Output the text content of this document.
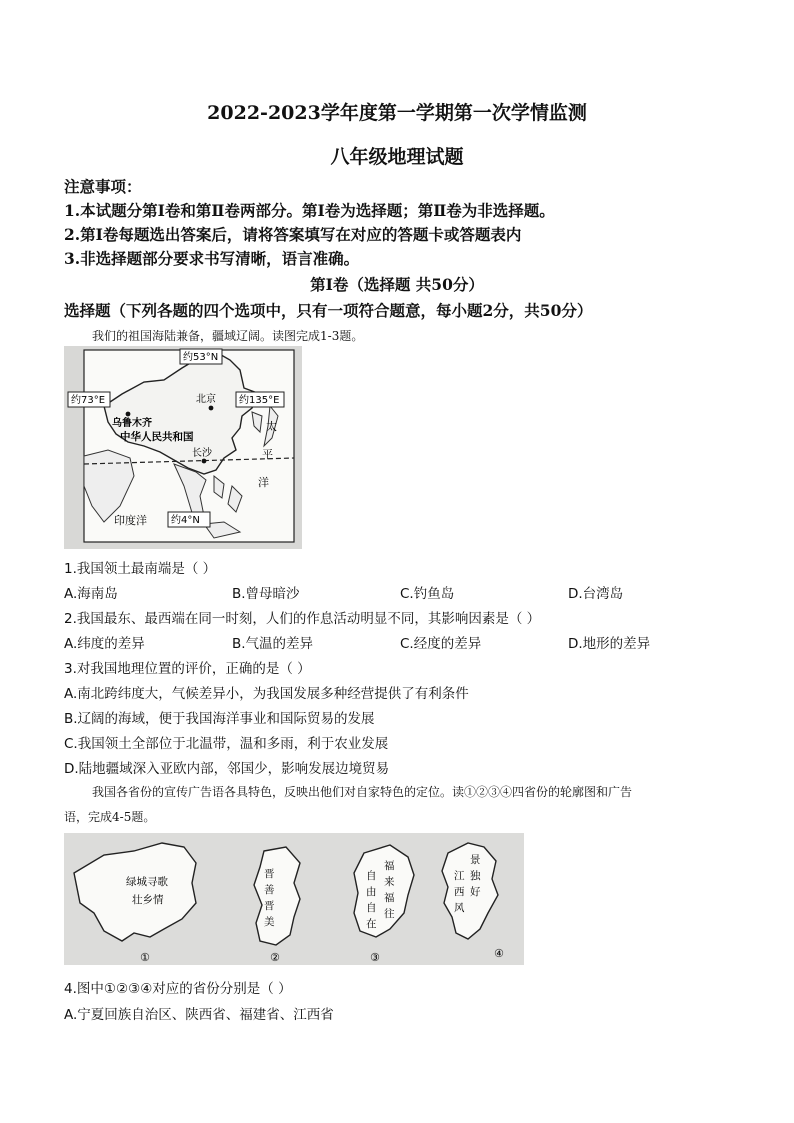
2022-2023学年度第一学期第一次学情监测
八年级地理试题
注意事项：
1.本试题分第Ⅰ卷和第Ⅱ卷两部分。第Ⅰ卷为选择题；第Ⅱ卷为非选择题。
2.第Ⅰ卷每题选出答案后，请将答案填写在对应的答题卡或答题表内
3.非选择题部分要求书写清晰，语言准确。
第Ⅰ卷（选择题 共50分）
选择题（下列各题的四个选项中，只有一项符合题意，每小题2分，共50分）
我们的祖国海陆兼备，疆域辽阔。读图完成1-3题。
约53°N
约73°E	约135°E
约4°N
北京
乌鲁木齐
中华人民共和国
长沙
太
平
洋
印度洋
1.我国领土最南端是（ ）
A.海南岛	B.曾母暗沙	C.钓鱼岛	D.台湾岛
2.我国最东、最西端在同一时刻，人们的作息活动明显不同，其影响因素是（ ）
A.纬度的差异	B.气温的差异	C.经度的差异	D.地形的差异
3.对我国地理位置的评价，正确的是（ ）
A.南北跨纬度大，气候差异小，为我国发展多种经营提供了有利条件
B.辽阔的海域，便于我国海洋事业和国际贸易的发展
C.我国领土全部位于北温带，温和多雨，利于农业发展
D.陆地疆域深入亚欧内部，邻国少，影响发展边境贸易
我国各省份的宣传广告语各具特色，反映出他们对自家特色的定位。读①②③④四省份的轮廓图和广告
语，完成4-5题。
绿城寻歌
壮乡情
①
晋
善
晋
美
②
福
来
福
往
自
由
自
在
③
景
独
好
江
西
风
④
4.图中①②③④对应的省份分别是（ ）
A.宁夏回族自治区、陕西省、福建省、江西省
